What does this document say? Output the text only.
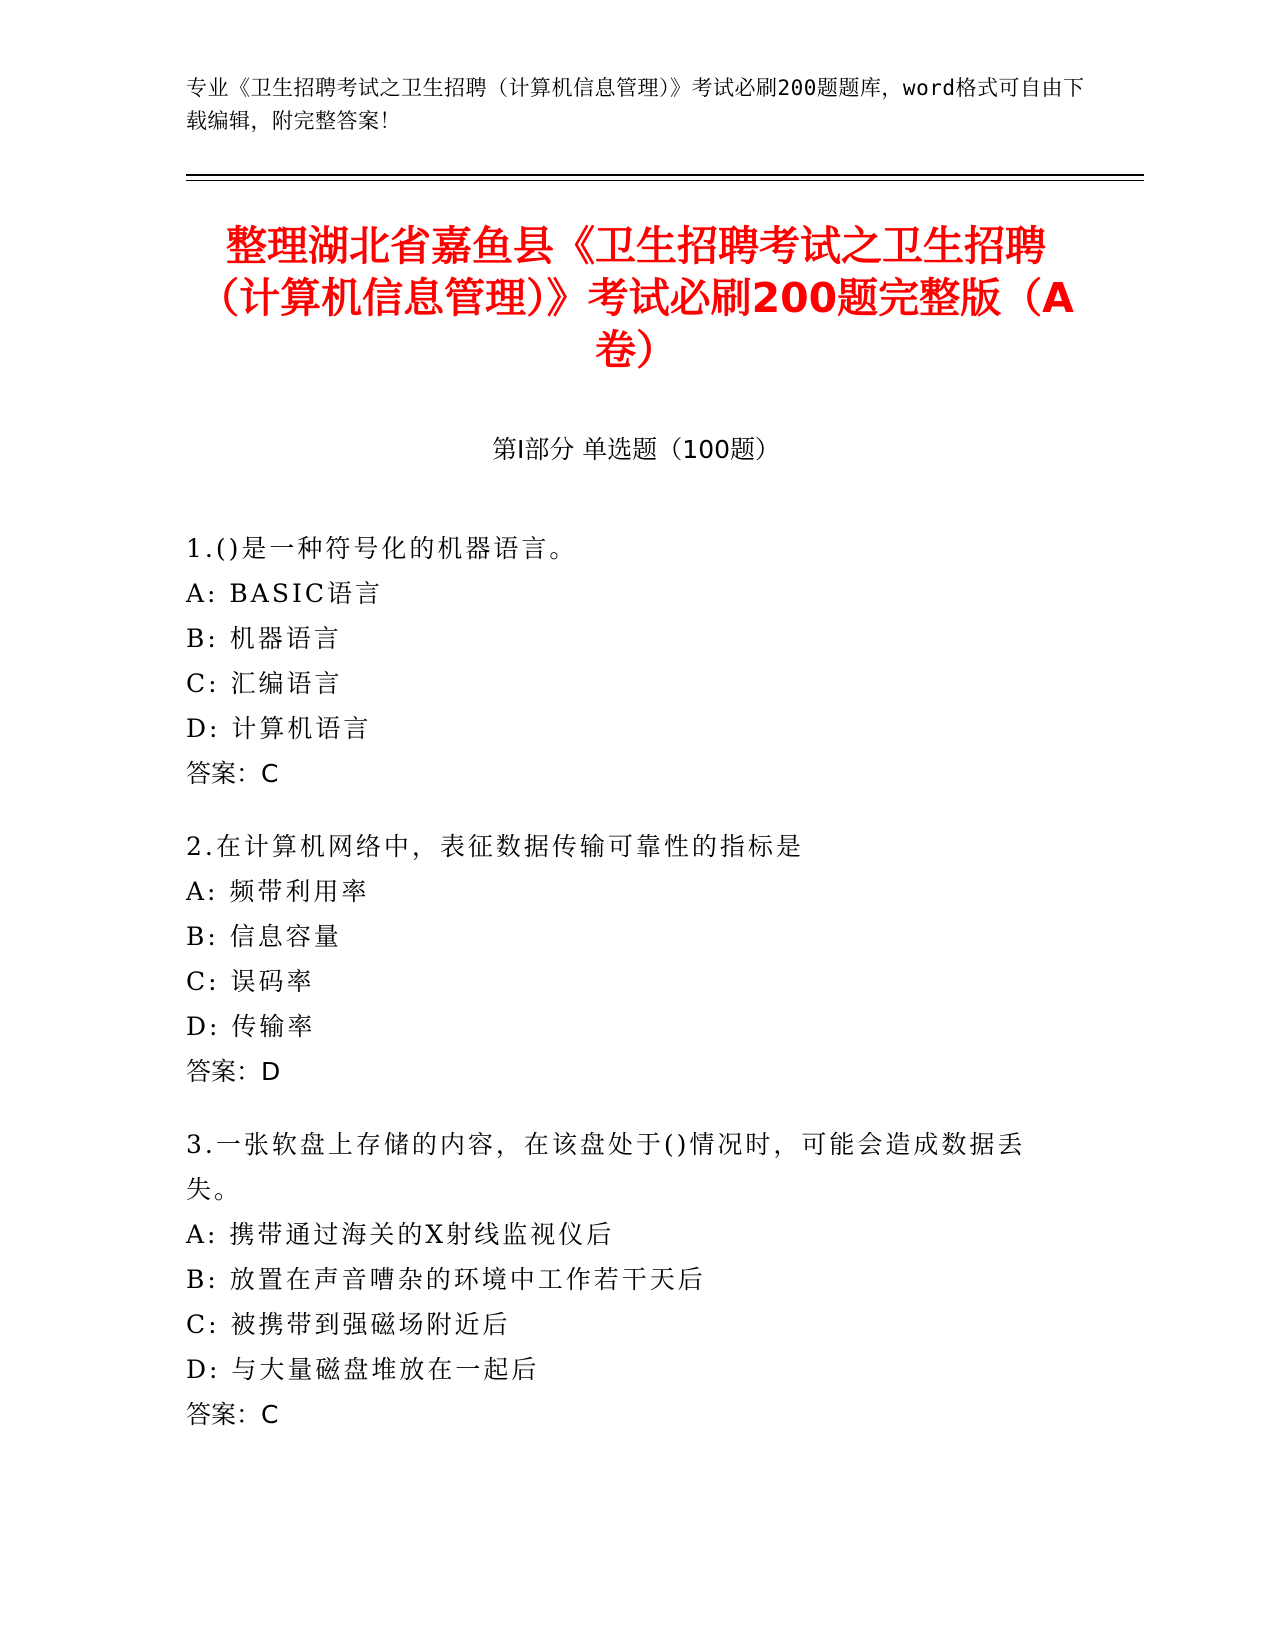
专业《卫生招聘考试之卫生招聘（计算机信息管理）》考试必刷200题题库，word格式可自由下载编辑，附完整答案！
整理湖北省嘉鱼县《卫生招聘考试之卫生招聘（计算机信息管理）》考试必刷200题完整版（A卷）
第Ⅰ部分 单选题（100题）

1.()是一种符号化的机器语言。

A: BASIC语言

B: 机器语言

C: 汇编语言

D: 计算机语言

答案：C

2.在计算机网络中，表征数据传输可靠性的指标是

A: 频带利用率

B: 信息容量

C: 误码率

D: 传输率

答案：D

3.一张软盘上存储的内容，在该盘处于()情况时，可能会造成数据丢失。

A: 携带通过海关的X射线监视仪后

B: 放置在声音嘈杂的环境中工作若干天后

C: 被携带到强磁场附近后

D: 与大量磁盘堆放在一起后

答案：C
